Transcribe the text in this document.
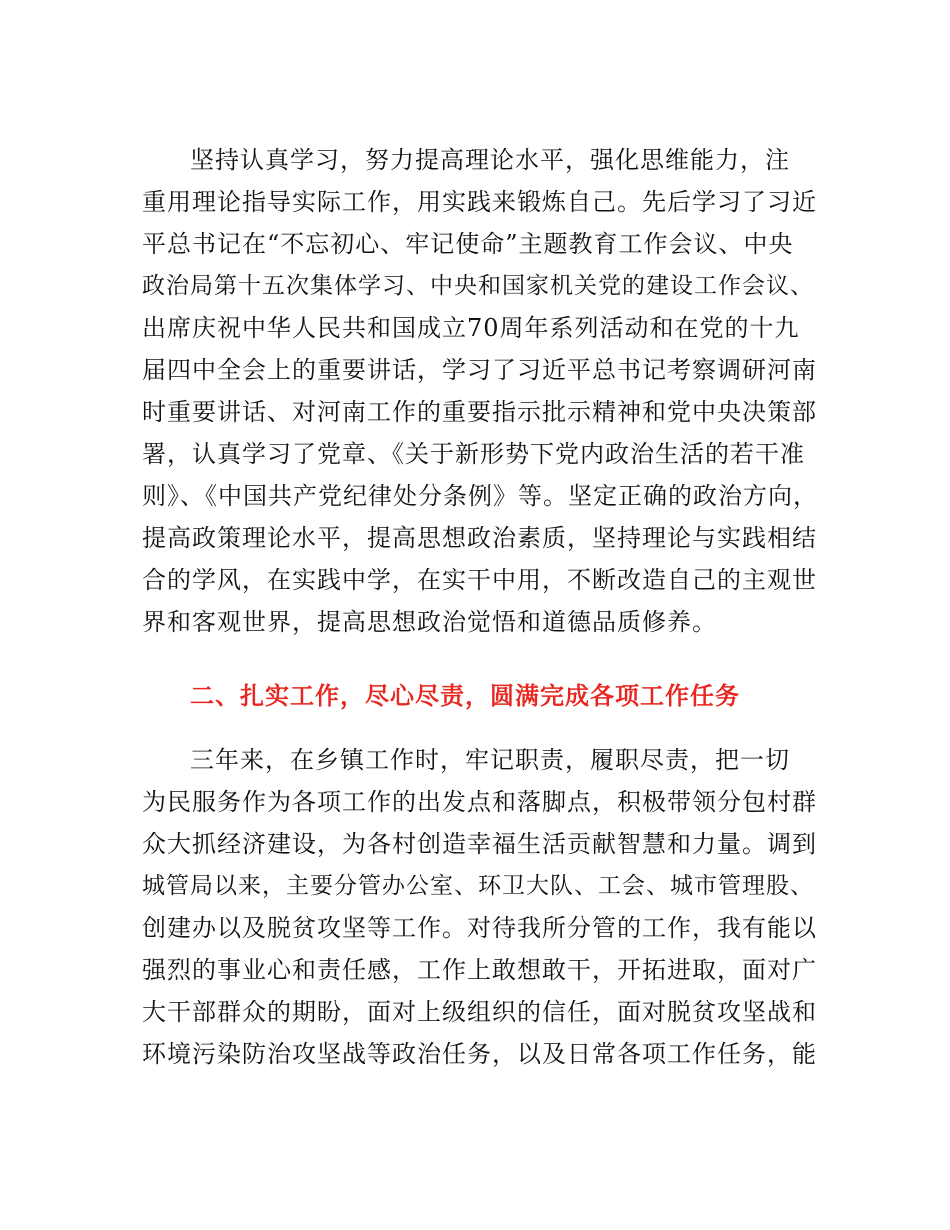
坚持认真学习，努力提高理论水平，强化思维能力，注
重用理论指导实际工作，用实践来锻炼自己。先后学习了习近
平总书记在“不忘初心、牢记使命”主题教育工作会议、中央
政治局第十五次集体学习、中央和国家机关党的建设工作会议、
出席庆祝中华人民共和国成立70周年系列活动和在党的十九
届四中全会上的重要讲话，学习了习近平总书记考察调研河南
时重要讲话、对河南工作的重要指示批示精神和党中央决策部
署，认真学习了党章、《关于新形势下党内政治生活的若干准
则》、《中国共产党纪律处分条例》等。坚定正确的政治方向，
提高政策理论水平，提高思想政治素质，坚持理论与实践相结
合的学风，在实践中学，在实干中用，不断改造自己的主观世
界和客观世界，提高思想政治觉悟和道德品质修养。
二、扎实工作，尽心尽责，圆满完成各项工作任务
三年来，在乡镇工作时，牢记职责，履职尽责，把一切
为民服务作为各项工作的出发点和落脚点，积极带领分包村群
众大抓经济建设，为各村创造幸福生活贡献智慧和力量。调到
城管局以来，主要分管办公室、环卫大队、工会、城市管理股、
创建办以及脱贫攻坚等工作。对待我所分管的工作，我有能以
强烈的事业心和责任感，工作上敢想敢干，开拓进取，面对广
大干部群众的期盼，面对上级组织的信任，面对脱贫攻坚战和
环境污染防治攻坚战等政治任务，以及日常各项工作任务，能
